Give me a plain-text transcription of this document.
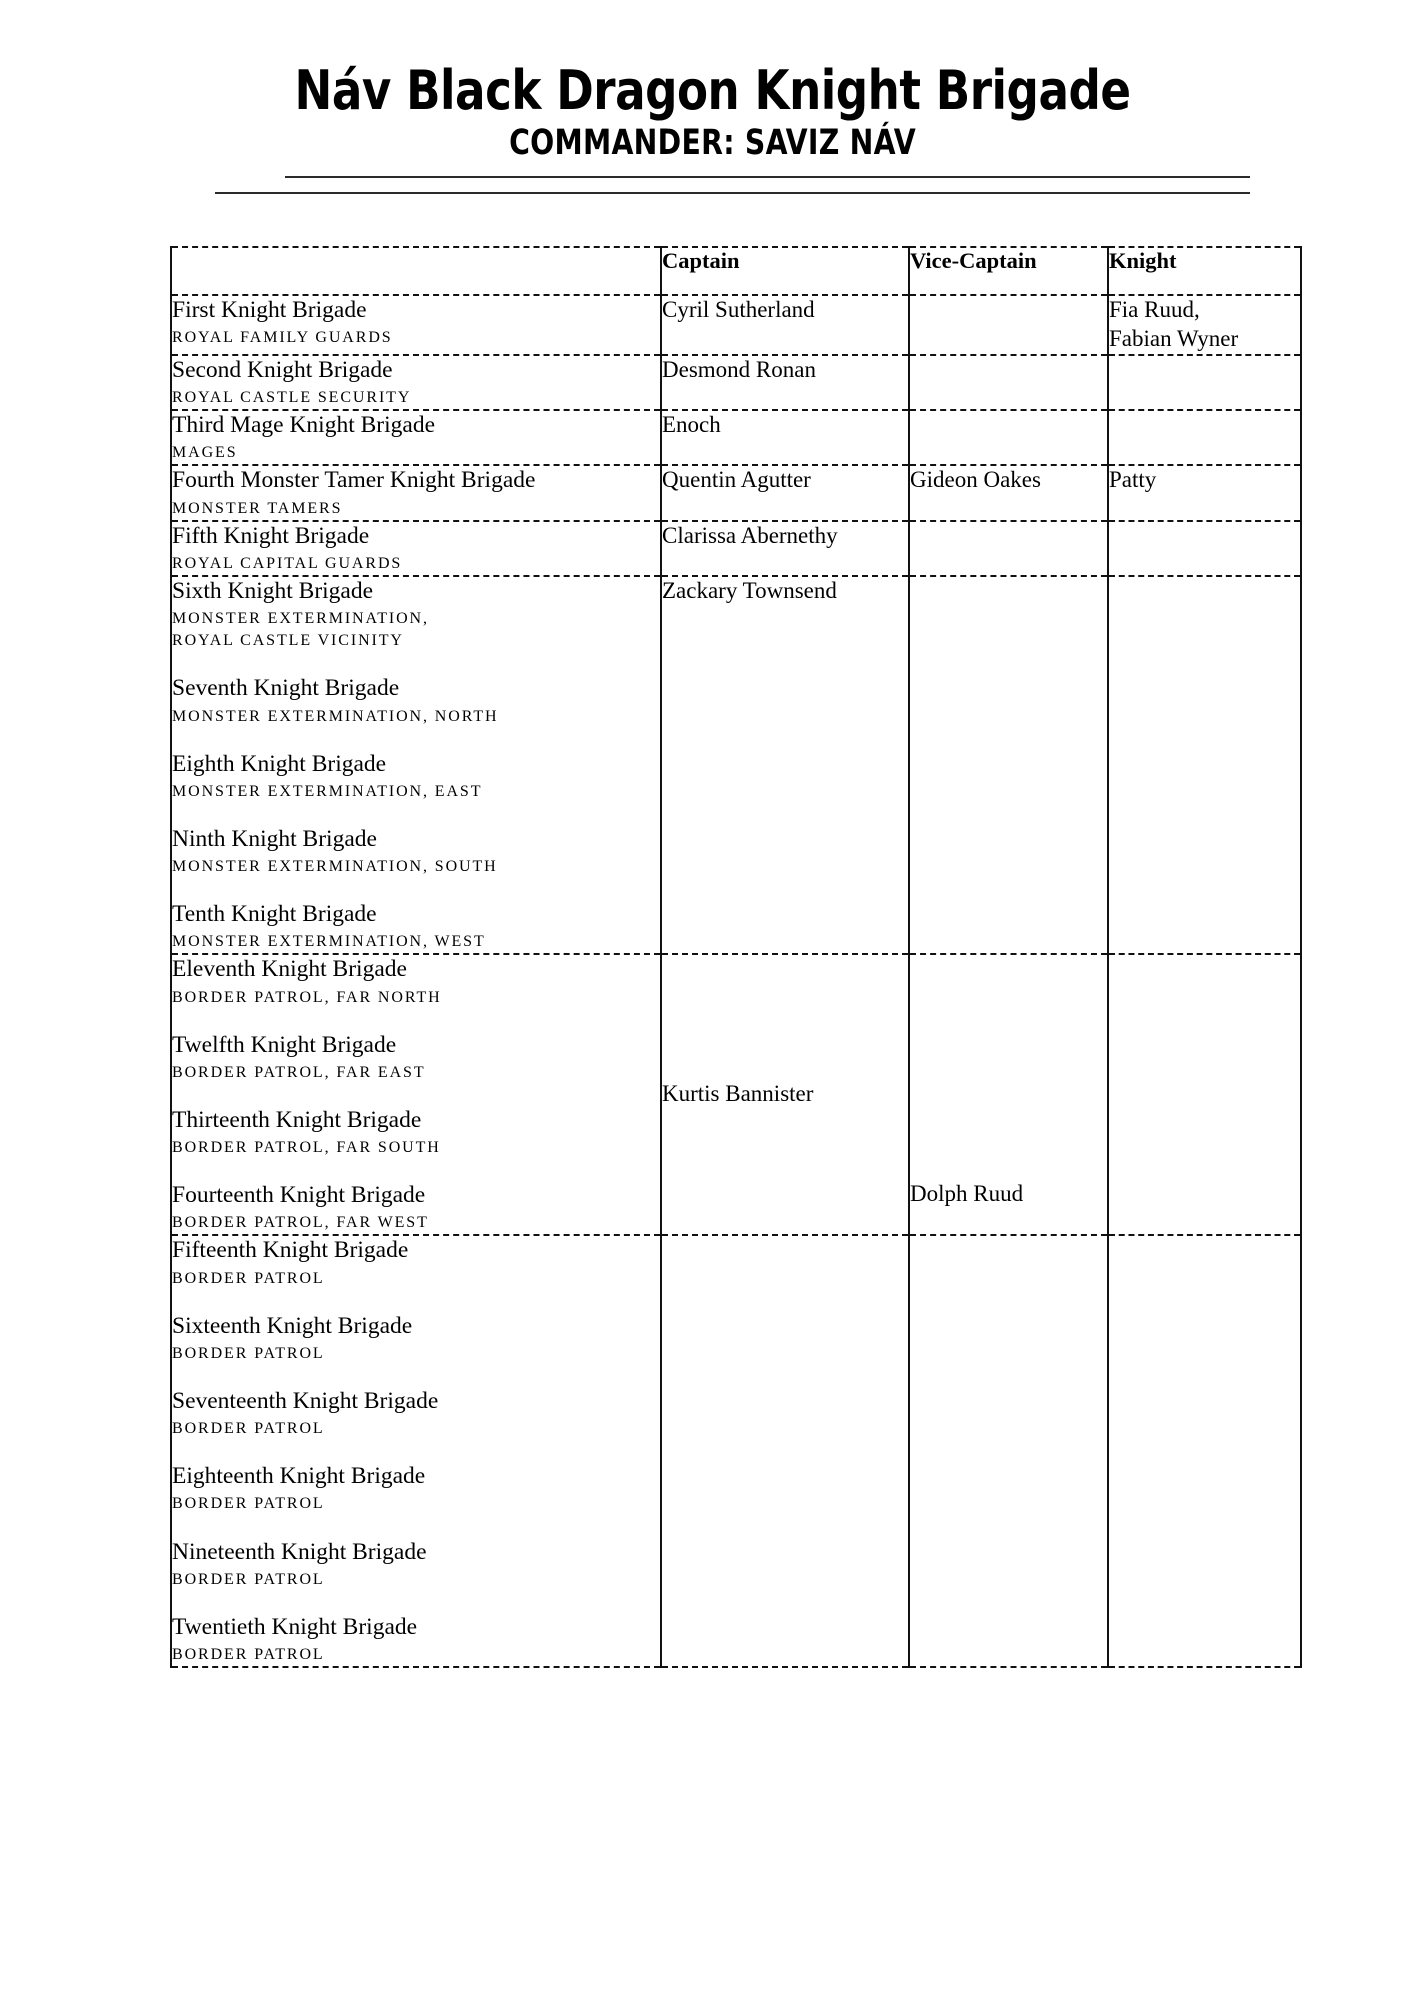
Náv Black Dragon Knight Brigade
COMMANDER: SAVIZ NÁV
	Captain	Vice-Captain	Knight

First Knight Brigade
ROYAL FAMILY GUARDS
	Cyril Sutherland		Fia Ruud,
Fabian Wyner

Second Knight Brigade
ROYAL CASTLE SECURITY	Desmond Ronan		

Third Mage Knight Brigade
MAGES	Enoch		

Fourth Monster Tamer Knight Brigade
MONSTER TAMERS	Quentin Agutter	Gideon Oakes	Patty

Fifth Knight Brigade
ROYAL CAPITAL GUARDS	Clarissa Abernethy		

Sixth Knight Brigade
MONSTER EXTERMINATION,
ROYAL CASTLE VICINITY
Seventh Knight Brigade
MONSTER EXTERMINATION, NORTH
Eighth Knight Brigade
MONSTER EXTERMINATION, EAST
Ninth Knight Brigade
MONSTER EXTERMINATION, SOUTH
Tenth Knight Brigade
MONSTER EXTERMINATION, WEST
	Zackary Townsend		

Eleventh Knight Brigade
BORDER PATROL, FAR NORTH
Twelfth Knight Brigade
BORDER PATROL, FAR EAST
Thirteenth Knight Brigade
BORDER PATROL, FAR SOUTH
Fourteenth Knight Brigade
BORDER PATROL, FAR WEST
	Kurtis Bannister	Dolph Ruud	

Fifteenth Knight Brigade
BORDER PATROL
Sixteenth Knight Brigade
BORDER PATROL
Seventeenth Knight Brigade
BORDER PATROL
Eighteenth Knight Brigade
BORDER PATROL
Nineteenth Knight Brigade
BORDER PATROL
Twentieth Knight Brigade
BORDER PATROL
